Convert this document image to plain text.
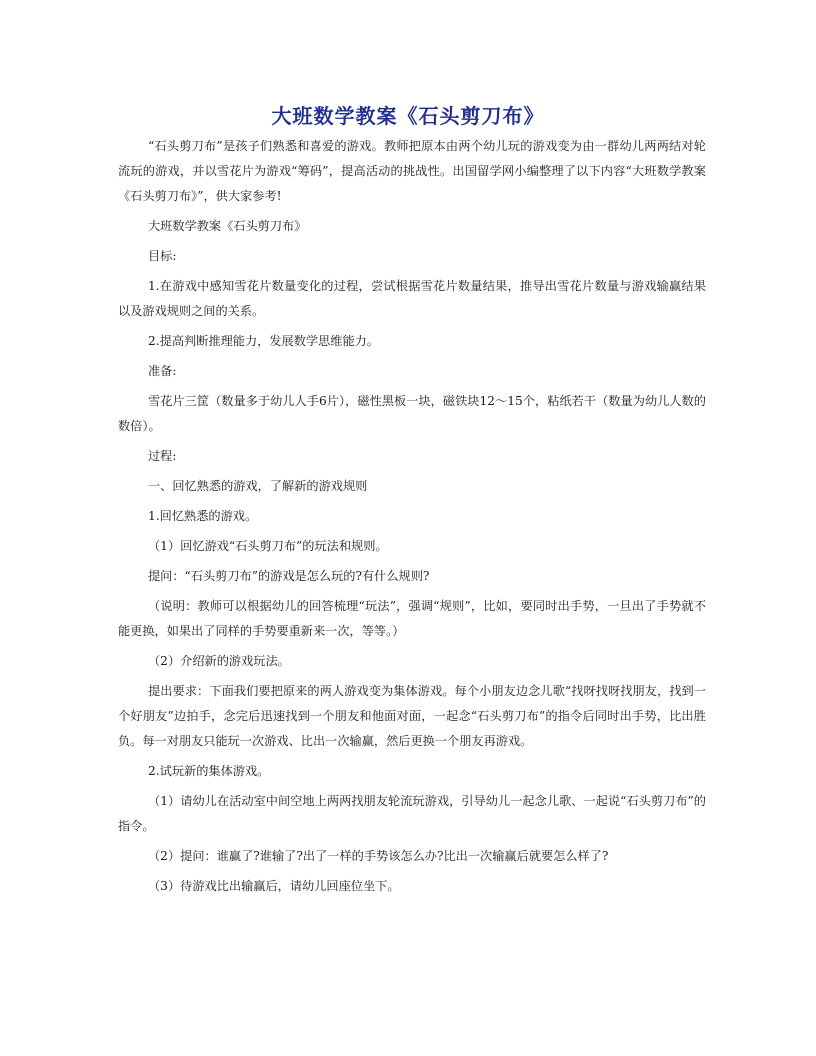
大班数学教案《石头剪刀布》

“石头剪刀布”是孩子们熟悉和喜爱的游戏。教师把原本由两个幼儿玩的游戏变为由一群幼儿两两结对轮流玩的游戏，并以雪花片为游戏“筹码”，提高活动的挑战性。出国留学网小编整理了以下内容“大班数学教案《石头剪刀布》”，供大家参考!

大班数学教案《石头剪刀布》

目标:

1.在游戏中感知雪花片数量变化的过程，尝试根据雪花片数量结果，推导出雪花片数量与游戏输赢结果以及游戏规则之间的关系。

2.提高判断推理能力，发展数学思维能力。

准备:

雪花片三筐（数量多于幼儿人手6片），磁性黑板一块，磁铁块12～15个，粘纸若干（数量为幼儿人数的数倍）。

过程:

一、回忆熟悉的游戏，了解新的游戏规则

1.回忆熟悉的游戏。

（1）回忆游戏“石头剪刀布”的玩法和规则。

提问：“石头剪刀布”的游戏是怎么玩的?有什么规则?

（说明：教师可以根据幼儿的回答梳理“玩法”，强调“规则”，比如，要同时出手势，一旦出了手势就不能更换，如果出了同样的手势要重新来一次，等等。）

（2）介绍新的游戏玩法。

提出要求：下面我们要把原来的两人游戏变为集体游戏。每个小朋友边念儿歌“找呀找呀找朋友，找到一个好朋友”边拍手，念完后迅速找到一个朋友和他面对面，一起念“石头剪刀布”的指令后同时出手势，比出胜负。每一对朋友只能玩一次游戏、比出一次输赢，然后更换一个朋友再游戏。

2.试玩新的集体游戏。

（1）请幼儿在活动室中间空地上两两找朋友轮流玩游戏，引导幼儿一起念儿歌、一起说“石头剪刀布”的指令。

（2）提问：谁赢了?谁输了?出了一样的手势该怎么办?比出一次输赢后就要怎么样了?

（3）待游戏比出输赢后，请幼儿回座位坐下。
